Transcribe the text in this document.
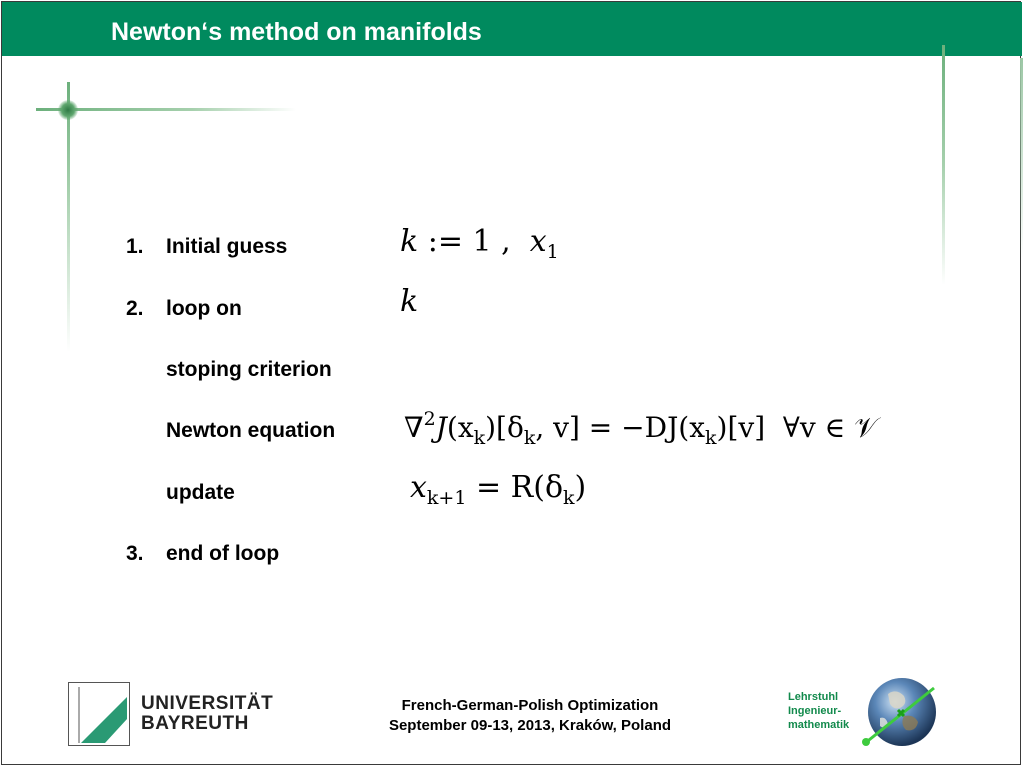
Newton‘s method on manifolds
1. Initial guess	k := 1 ,  $x_1$
2. loop on	k
stoping criterion
Newton equation $\nabla^2J(x_k)[\delta_k$, $v] = -DJ(x_k)[v]$  ∀v ∈ 𝒱
update	$x_{k+1} = R(\delta_k)$
3. end of loop
UNIVERSITÄT
BAYREUTH
French-German-Polish Optimization
September 09-13, 2013, Kraków, Poland
Lehrstuhl
Ingenieur-
mathematik
